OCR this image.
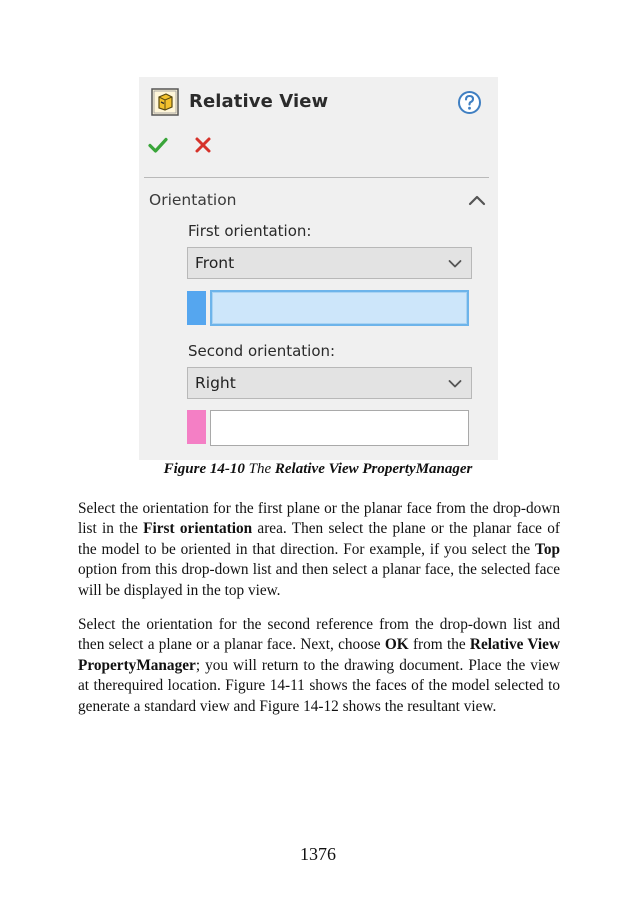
Relative View
Orientation
First orientation:
Front
Second orientation:
Right
Figure 14-10 The Relative View PropertyManager

Select the orientation for the first plane or the planar face from the drop-down list in the First orientation area. Then select the plane or the planar face of the model to be oriented in that direction. For example, if you select the Top option from this drop-down list and then select a planar face, the selected face will be displayed in the top view.

Select the orientation for the second reference from the drop-down list and then select a plane or a planar face. Next, choose OK from the Relative View PropertyManager; you will return to the drawing document. Place the view at therequired location. Figure 14-11 shows the faces of the model selected to generate a standard view and Figure 14-12 shows the resultant view.

1376
